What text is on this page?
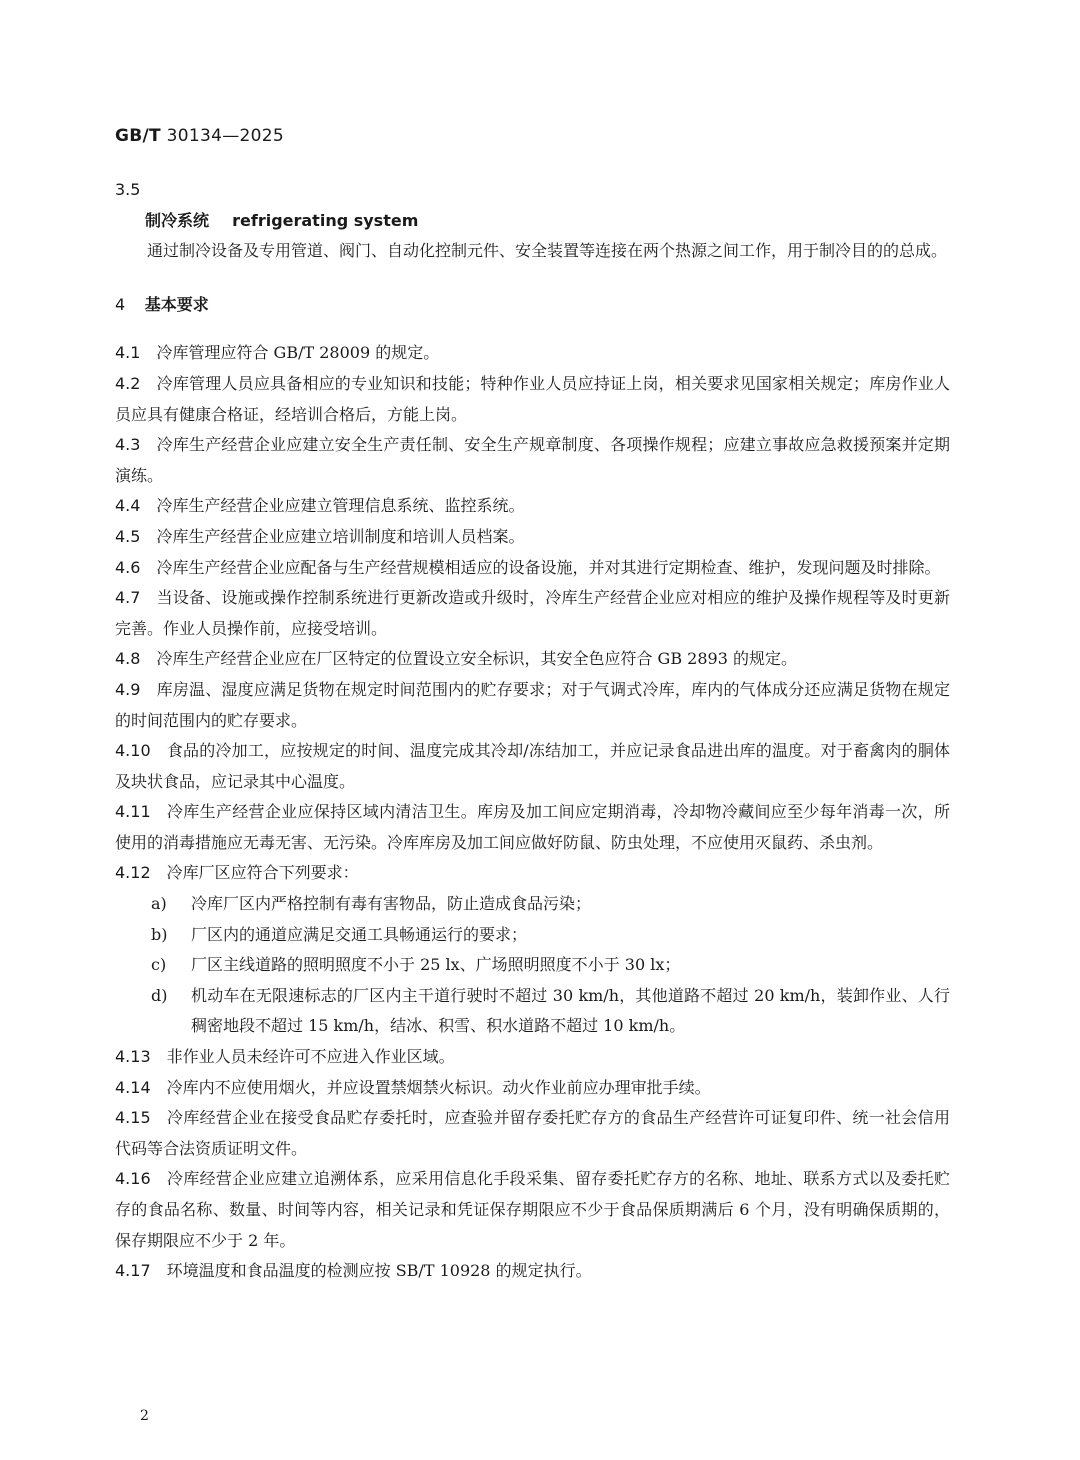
GB/T 30134—2025
3.5
制冷系统 refrigerating system
通过制冷设备及专用管道、阀门、自动化控制元件、安全装置等连接在两个热源之间工作，用于制冷目的的总成。
4 基本要求
4.1 冷库管理应符合 GB/T 28009 的规定。
4.2 冷库管理人员应具备相应的专业知识和技能；特种作业人员应持证上岗，相关要求见国家相关规定；库房作业人员应具有健康合格证，经培训合格后，方能上岗。
4.3 冷库生产经营企业应建立安全生产责任制、安全生产规章制度、各项操作规程；应建立事故应急救援预案并定期演练。
4.4 冷库生产经营企业应建立管理信息系统、监控系统。
4.5 冷库生产经营企业应建立培训制度和培训人员档案。
4.6 冷库生产经营企业应配备与生产经营规模相适应的设备设施，并对其进行定期检查、维护，发现问题及时排除。
4.7 当设备、设施或操作控制系统进行更新改造或升级时，冷库生产经营企业应对相应的维护及操作规程等及时更新完善。作业人员操作前，应接受培训。
4.8 冷库生产经营企业应在厂区特定的位置设立安全标识，其安全色应符合 GB 2893 的规定。
4.9 库房温、湿度应满足货物在规定时间范围内的贮存要求；对于气调式冷库，库内的气体成分还应满足货物在规定的时间范围内的贮存要求。
4.10 食品的冷加工，应按规定的时间、温度完成其冷却/冻结加工，并应记录食品进出库的温度。对于畜禽肉的胴体及块状食品，应记录其中心温度。
4.11 冷库生产经营企业应保持区域内清洁卫生。库房及加工间应定期消毒，冷却物冷藏间应至少每年消毒一次，所使用的消毒措施应无毒无害、无污染。冷库库房及加工间应做好防鼠、防虫处理，不应使用灭鼠药、杀虫剂。
4.12 冷库厂区应符合下列要求：
a) 冷库厂区内严格控制有毒有害物品，防止造成食品污染；
b) 厂区内的通道应满足交通工具畅通运行的要求；
c) 厂区主线道路的照明照度不小于 25 lx、广场照明照度不小于 30 lx；
d) 机动车在无限速标志的厂区内主干道行驶时不超过 30 km/h，其他道路不超过 20 km/h，装卸作业、人行稠密地段不超过 15 km/h，结冰、积雪、积水道路不超过 10 km/h。
4.13 非作业人员未经许可不应进入作业区域。
4.14 冷库内不应使用烟火，并应设置禁烟禁火标识。动火作业前应办理审批手续。
4.15 冷库经营企业在接受食品贮存委托时，应查验并留存委托贮存方的食品生产经营许可证复印件、统一社会信用代码等合法资质证明文件。
4.16 冷库经营企业应建立追溯体系，应采用信息化手段采集、留存委托贮存方的名称、地址、联系方式以及委托贮存的食品名称、数量、时间等内容，相关记录和凭证保存期限应不少于食品保质期满后 6 个月，没有明确保质期的，保存期限应不少于 2 年。
4.17 环境温度和食品温度的检测应按 SB/T 10928 的规定执行。
2
